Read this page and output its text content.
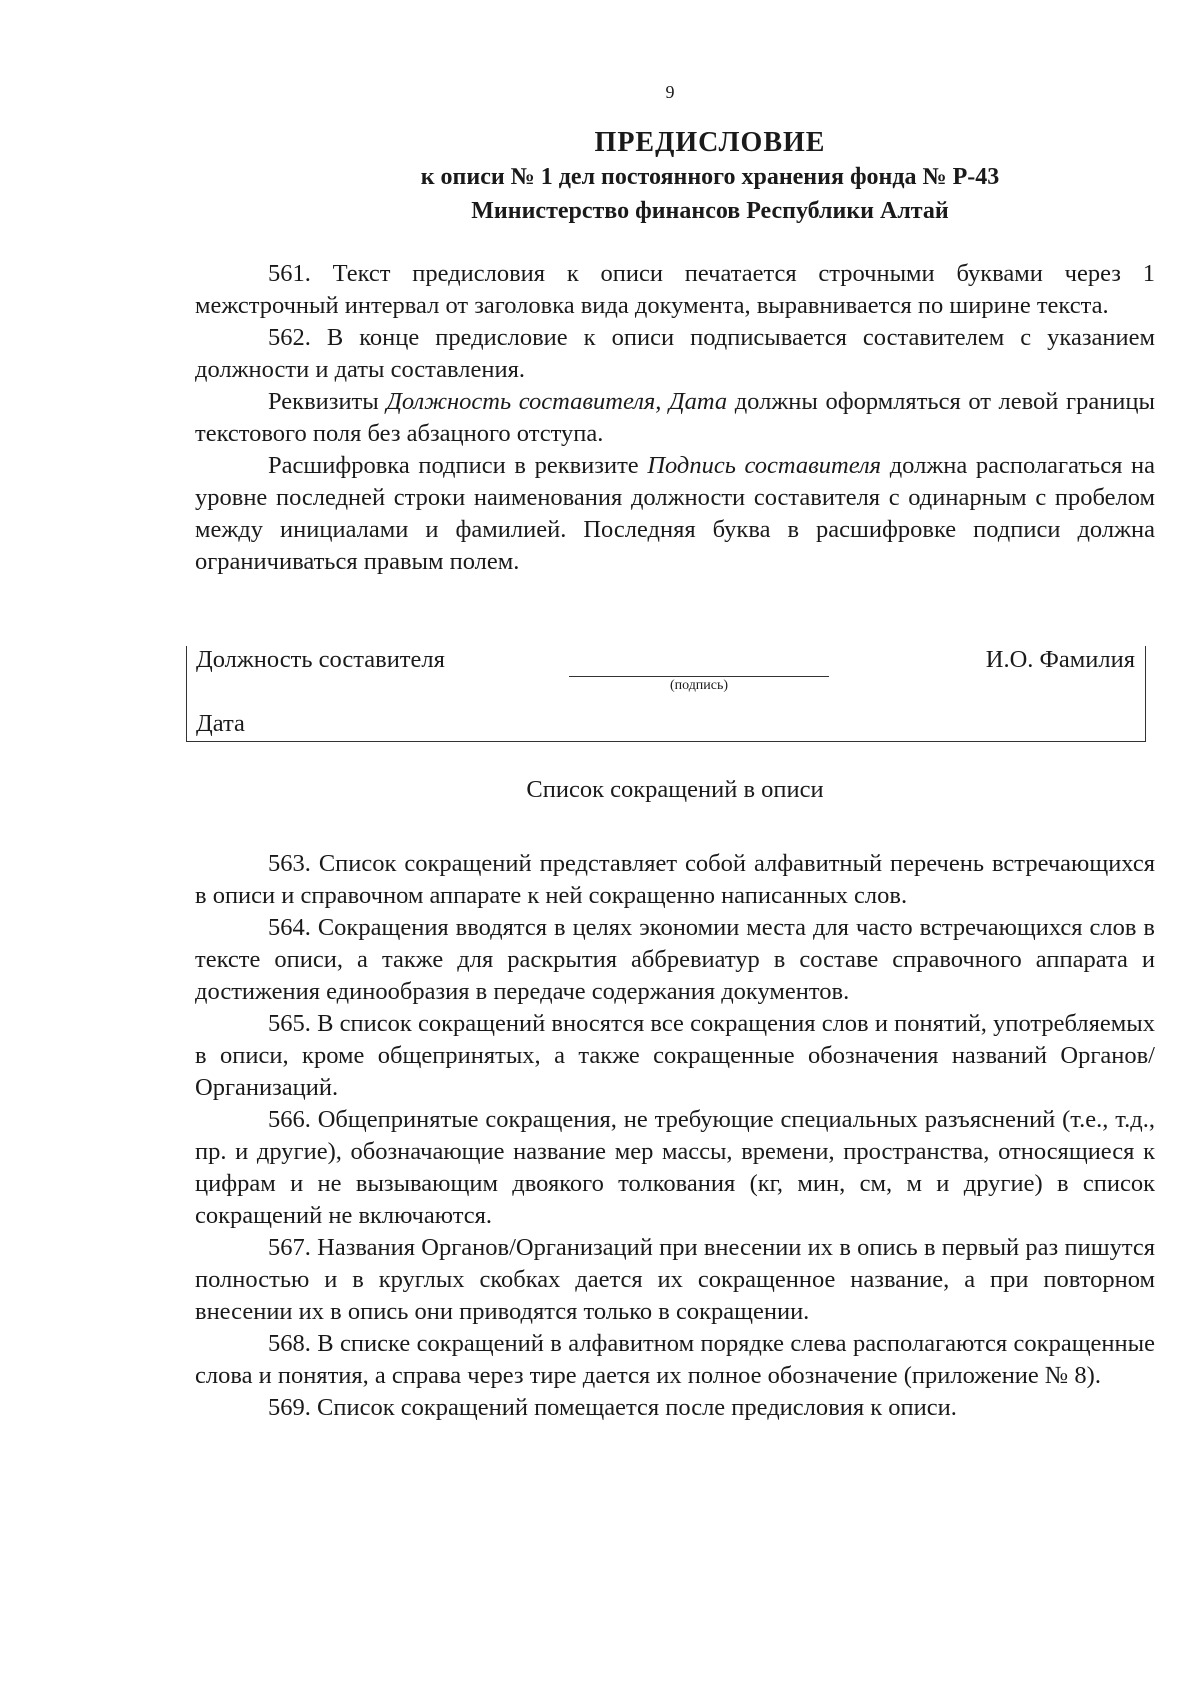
9
ПРЕДИСЛОВИЕ
к описи № 1 дел постоянного хранения фонда № Р-43
Министерство финансов Республики Алтай

561. Текст предисловия к описи печатается строчными буквами через 1 межстрочный интервал от заголовка вида документа, выравнивается по ширине текста.

562. В конце предисловие к описи подписывается составителем с указанием должности и даты составления.

Реквизиты Должность составителя, Дата должны оформляться от левой границы текстового поля без абзацного отступа.

Расшифровка подписи в реквизите Подпись составителя должна располагаться на уровне последней строки наименования должности составителя с одинарным с пробелом между инициалами и фамилией. Последняя буква в расшифровке подписи должна ограничиваться правым полем.

Должность составителя
(подпись)
И.О. Фамилия
Дата
Список сокращений в описи

563. Список сокращений представляет собой алфавитный перечень встречающихся в описи и справочном аппарате к ней сокращенно написанных слов.

564. Сокращения вводятся в целях экономии места для часто встречающихся слов в тексте описи, а также для раскрытия аббревиатур в составе справочного аппарата и достижения единообразия в передаче содержания документов.

565. В список сокращений вносятся все сокращения слов и понятий, употребляемых в описи, кроме общепринятых, а также сокращенные обозначения названий Органов/Организаций.

566. Общепринятые сокращения, не требующие специальных разъяснений (т.е., т.д., пр. и другие), обозначающие название мер массы, времени, пространства, относящиеся к цифрам и не вызывающим двоякого толкования (кг, мин, см, м и другие) в список сокращений не включаются.

567. Названия Органов/Организаций при внесении их в опись в первый раз пишутся полностью и в круглых скобках дается их сокращенное название, а при повторном внесении их в опись они приводятся только в сокращении.

568. В списке сокращений в алфавитном порядке слева располагаются сокращенные слова и понятия, а справа через тире дается их полное обозначение (приложение № 8).

569. Список сокращений помещается после предисловия к описи.
